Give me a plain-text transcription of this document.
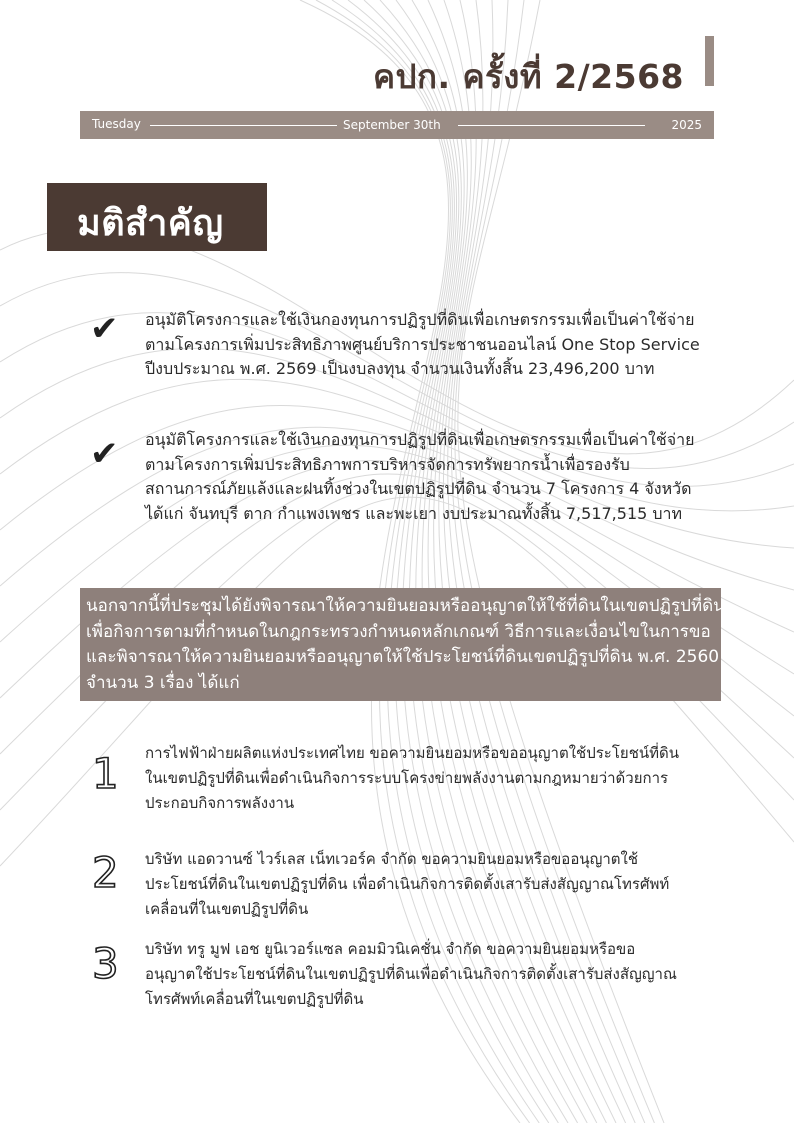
คปก. ครั้งที่ 2/2568
Tuesday	September 30th	2025
มติสำคัญ
✔ อนุมัติโครงการและใช้เงินกองทุนการปฏิรูปที่ดินเพื่อเกษตรกรรมเพื่อเป็นค่าใช้จ่าย
ตามโครงการเพิ่มประสิทธิภาพศูนย์บริการประชาชนออนไลน์ One Stop Service
ปีงบประมาณ พ.ศ. 2569 เป็นงบลงทุน จำนวนเงินทั้งสิ้น 23,496,200 บาท
✔ อนุมัติโครงการและใช้เงินกองทุนการปฏิรูปที่ดินเพื่อเกษตรกรรมเพื่อเป็นค่าใช้จ่าย
ตามโครงการเพิ่มประสิทธิภาพการบริหารจัดการทรัพยากรน้ำเพื่อรองรับ
สถานการณ์ภัยแล้งและฝนทิ้งช่วงในเขตปฏิรูปที่ดิน จำนวน 7 โครงการ 4 จังหวัด
ได้แก่ จันทบุรี ตาก กำแพงเพชร และพะเยา งบประมาณทั้งสิ้น 7,517,515 บาท
นอกจากนี้ที่ประชุมได้ยังพิจารณาให้ความยินยอมหรืออนุญาตให้ใช้ที่ดินในเขตปฏิรูปที่ดิน
เพื่อกิจการตามที่กำหนดในกฎกระทรวงกำหนดหลักเกณฑ์ วิธีการและเงื่อนไขในการขอ
และพิจารณาให้ความยินยอมหรืออนุญาตให้ใช้ประโยชน์ที่ดินเขตปฏิรูปที่ดิน พ.ศ. 2560
จำนวน 3 เรื่อง ได้แก่
1 การไฟฟ้าฝ่ายผลิตแห่งประเทศไทย ขอความยินยอมหรือขออนุญาตใช้ประโยชน์ที่ดิน
ในเขตปฏิรูปที่ดินเพื่อดำเนินกิจการระบบโครงข่ายพลังงานตามกฎหมายว่าด้วยการ
ประกอบกิจการพลังงาน
2 บริษัท แอดวานซ์ ไวร์เลส เน็ทเวอร์ค จำกัด ขอความยินยอมหรือขออนุญาตใช้
ประโยชน์ที่ดินในเขตปฏิรูปที่ดิน เพื่อดำเนินกิจการติดตั้งเสารับส่งสัญญาณโทรศัพท์
เคลื่อนที่ในเขตปฏิรูปที่ดิน
3 บริษัท ทรู มูฟ เอช ยูนิเวอร์แซล คอมมิวนิเคชั่น จำกัด ขอความยินยอมหรือขอ
อนุญาตใช้ประโยชน์ที่ดินในเขตปฏิรูปที่ดินเพื่อดำเนินกิจการติดตั้งเสารับส่งสัญญาณ
โทรศัพท์เคลื่อนที่ในเขตปฏิรูปที่ดิน
